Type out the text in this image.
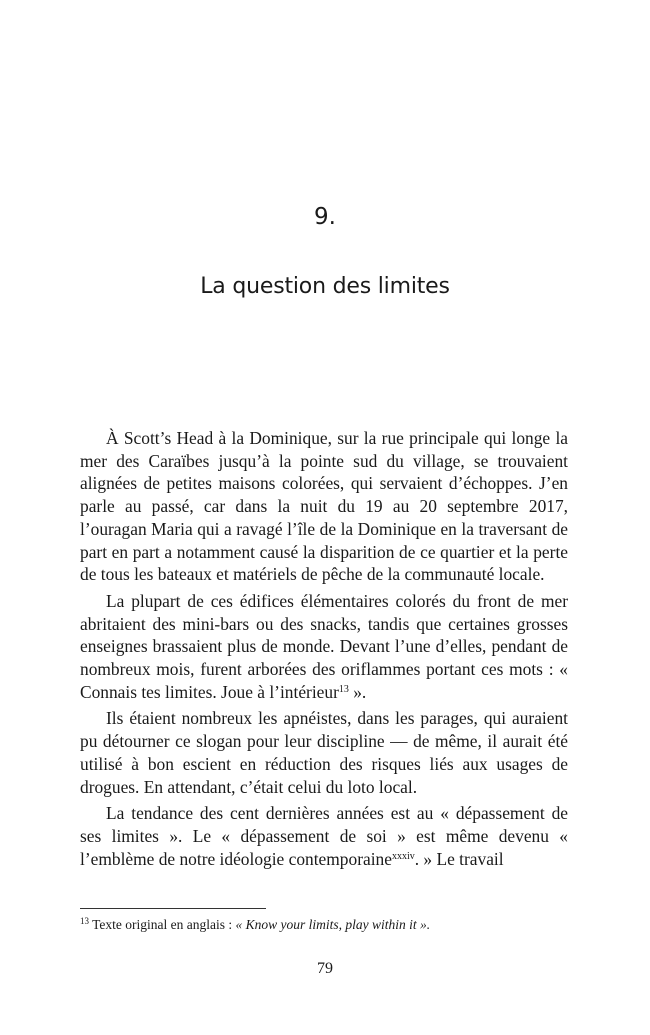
9.
La question des limites

À Scott’s Head à la Dominique, sur la rue principale qui longe la mer des Caraïbes jusqu’à la pointe sud du village, se trouvaient alignées de petites maisons colorées, qui servaient d’échoppes. J’en parle au passé, car dans la nuit du 19 au 20 septembre 2017, l’ouragan Maria qui a ravagé l’île de la Dominique en la traversant de part en part a notamment causé la disparition de ce quartier et la perte de tous les bateaux et matériels de pêche de la communauté locale.

La plupart de ces édifices élémentaires colorés du front de mer abritaient des mini-bars ou des snacks, tandis que certaines grosses enseignes brassaient plus de monde. Devant l’une d’elles, pendant de nombreux mois, furent arborées des oriflammes portant ces mots : « Connais tes limites. Joue à l’intérieur$^{13}$ ».

Ils étaient nombreux les apnéistes, dans les parages, qui auraient pu détourner ce slogan pour leur discipline — de même, il aurait été utilisé à bon escient en réduction des risques liés aux usages de drogues. En attendant, c’était celui du loto local.

La tendance des cent dernières années est au « dépassement de ses limites ». Le « dépassement de soi » est même devenu « l’emblème de notre idéologie contemporaine$^{xxxiv}$. » Le travail

$^{13}$ Texte original en anglais : « Know your limits, play within it ».
79
